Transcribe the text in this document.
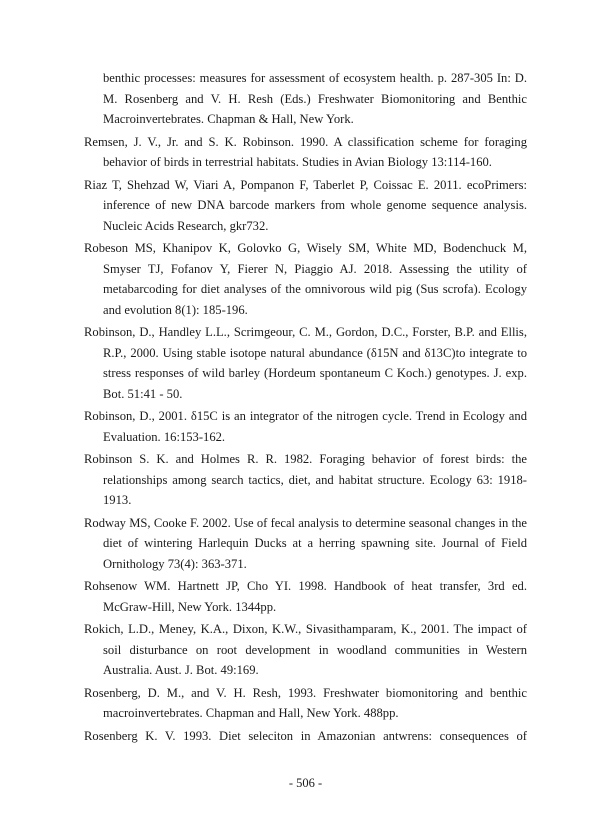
benthic processes: measures for assessment of ecosystem health. p. 287-305 In: D. M. Rosenberg and V. H. Resh (Eds.) Freshwater Biomonitoring and Benthic Macroinvertebrates. Chapman & Hall, New York.

Remsen, J. V., Jr. and S. K. Robinson. 1990. A classification scheme for foraging behavior of birds in terrestrial habitats. Studies in Avian Biology 13:114-160.

Riaz T, Shehzad W, Viari A, Pompanon F, Taberlet P, Coissac E. 2011. ecoPrimers: inference of new DNA barcode markers from whole genome sequence analysis. Nucleic Acids Research, gkr732.

Robeson MS, Khanipov K, Golovko G, Wisely SM, White MD, Bodenchuck M, Smyser TJ, Fofanov Y, Fierer N, Piaggio AJ. 2018. Assessing the utility of metabarcoding for diet analyses of the omnivorous wild pig (Sus scrofa). Ecology and evolution 8(1): 185-196.

Robinson, D., Handley L.L., Scrimgeour, C. M., Gordon, D.C., Forster, B.P. and Ellis, R.P., 2000. Using stable isotope natural abundance (δ15N and δ13C)to integrate to stress responses of wild barley (Hordeum spontaneum C Koch.) genotypes. J. exp. Bot. 51:41 - 50.

Robinson, D., 2001. δ15C is an integrator of the nitrogen cycle. Trend in Ecology and Evaluation. 16:153-162.

Robinson S. K. and Holmes R. R. 1982. Foraging behavior of forest birds: the relationships among search tactics, diet, and habitat structure. Ecology 63: 1918-1913.

Rodway MS, Cooke F. 2002. Use of fecal analysis to determine seasonal changes in the diet of wintering Harlequin Ducks at a herring spawning site. Journal of Field Ornithology 73(4): 363-371.

Rohsenow WM. Hartnett JP, Cho YI. 1998. Handbook of heat transfer, 3rd ed. McGraw-Hill, New York. 1344pp.

Rokich, L.D., Meney, K.A., Dixon, K.W., Sivasithamparam, K., 2001. The impact of soil disturbance on root development in woodland communities in Western Australia. Aust. J. Bot. 49:169.

Rosenberg, D. M., and V. H. Resh, 1993. Freshwater biomonitoring and benthic macroinvertebrates. Chapman and Hall, New York. 488pp.

Rosenberg K. V. 1993. Diet seleciton in Amazonian antwrens: consequences of

- 506 -
